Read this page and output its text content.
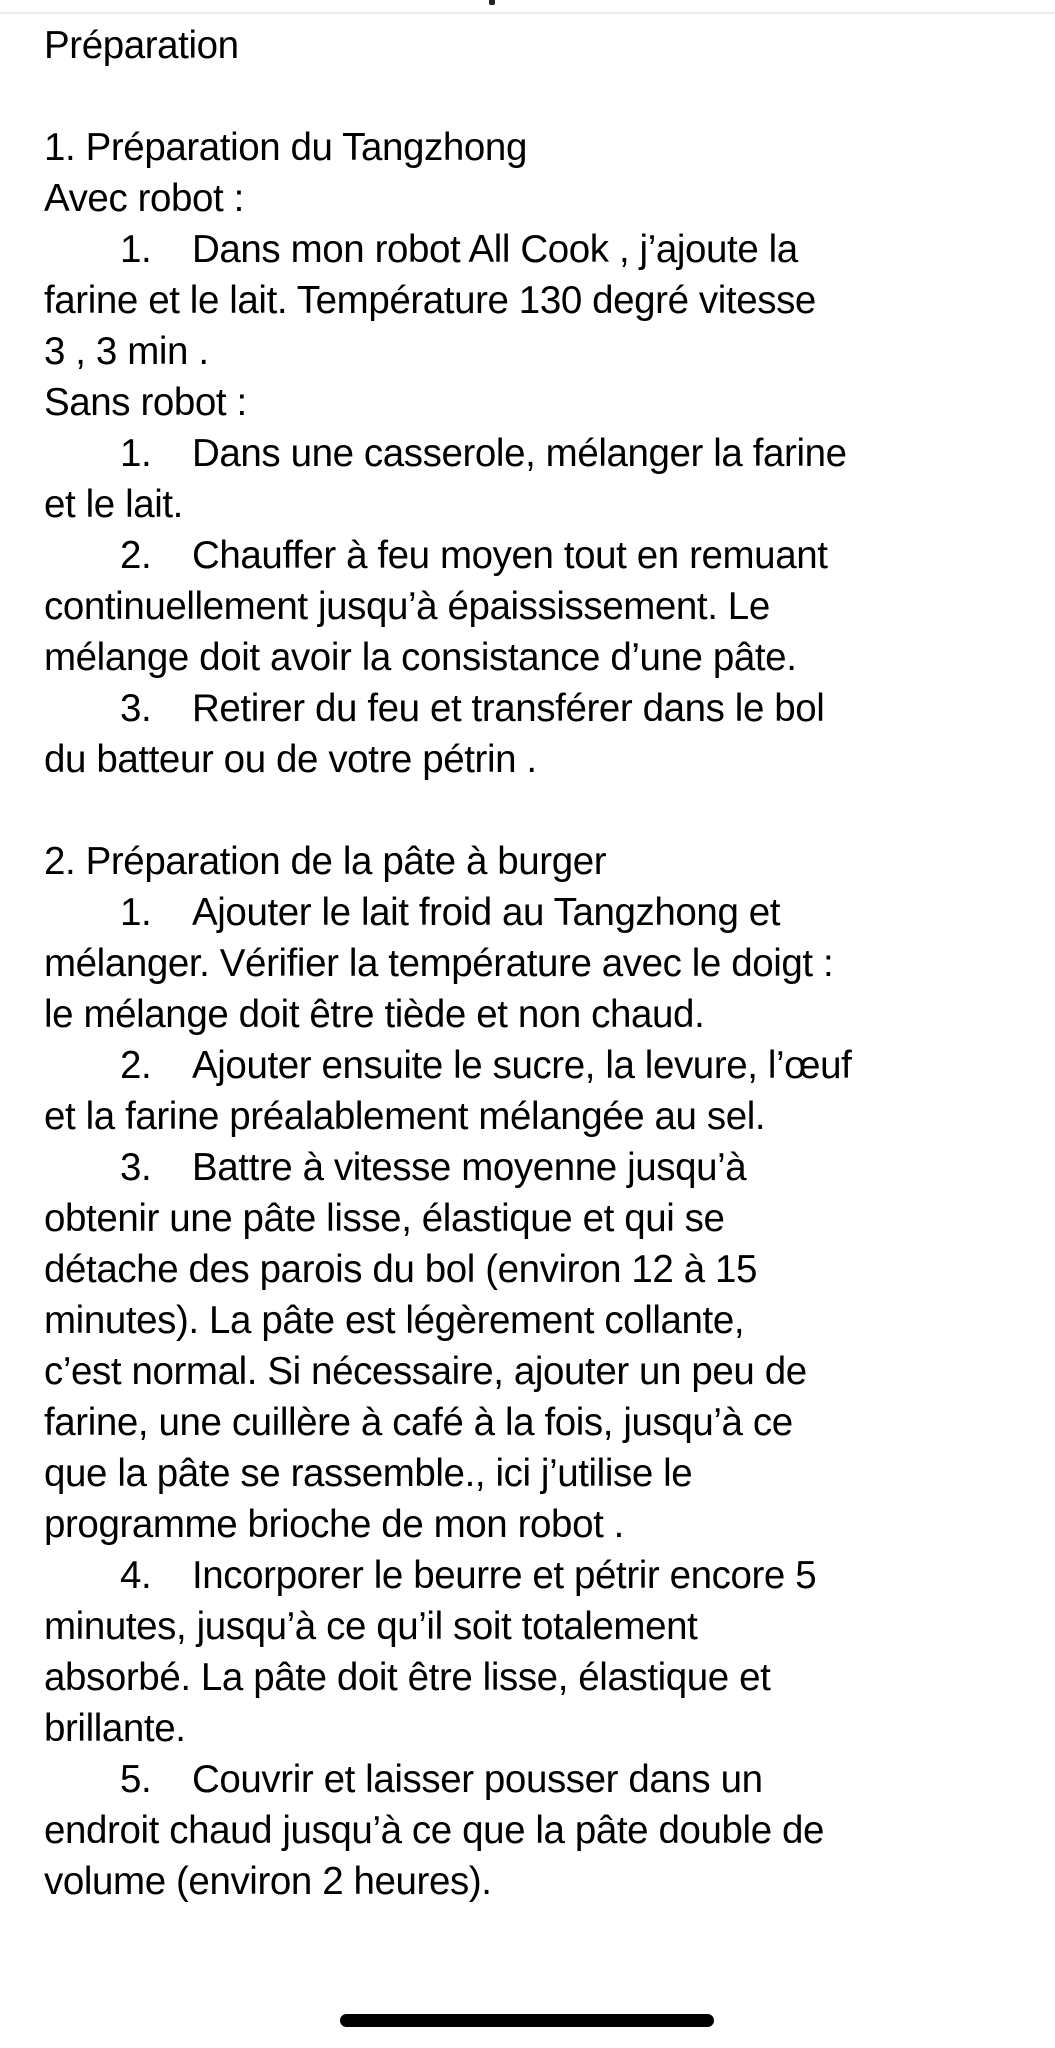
Préparation
1. Préparation du Tangzhong
Avec robot :
1. Dans mon robot All Cook , j’ajoute la
farine et le lait. Température 130 degré vitesse
3 , 3 min .
Sans robot :
1. Dans une casserole, mélanger la farine
et le lait.
2. Chauffer à feu moyen tout en remuant
continuellement jusqu’à épaississement. Le
mélange doit avoir la consistance d’une pâte.
3. Retirer du feu et transférer dans le bol
du batteur ou de votre pétrin .
2. Préparation de la pâte à burger
1. Ajouter le lait froid au Tangzhong et
mélanger. Vérifier la température avec le doigt :
le mélange doit être tiède et non chaud.
2. Ajouter ensuite le sucre, la levure, l’œuf
et la farine préalablement mélangée au sel.
3. Battre à vitesse moyenne jusqu’à
obtenir une pâte lisse, élastique et qui se
détache des parois du bol (environ 12 à 15
minutes). La pâte est légèrement collante,
c’est normal. Si nécessaire, ajouter un peu de
farine, une cuillère à café à la fois, jusqu’à ce
que la pâte se rassemble., ici j’utilise le
programme brioche de mon robot .
4. Incorporer le beurre et pétrir encore 5
minutes, jusqu’à ce qu’il soit totalement
absorbé. La pâte doit être lisse, élastique et
brillante.
5. Couvrir et laisser pousser dans un
endroit chaud jusqu’à ce que la pâte double de
volume (environ 2 heures).
